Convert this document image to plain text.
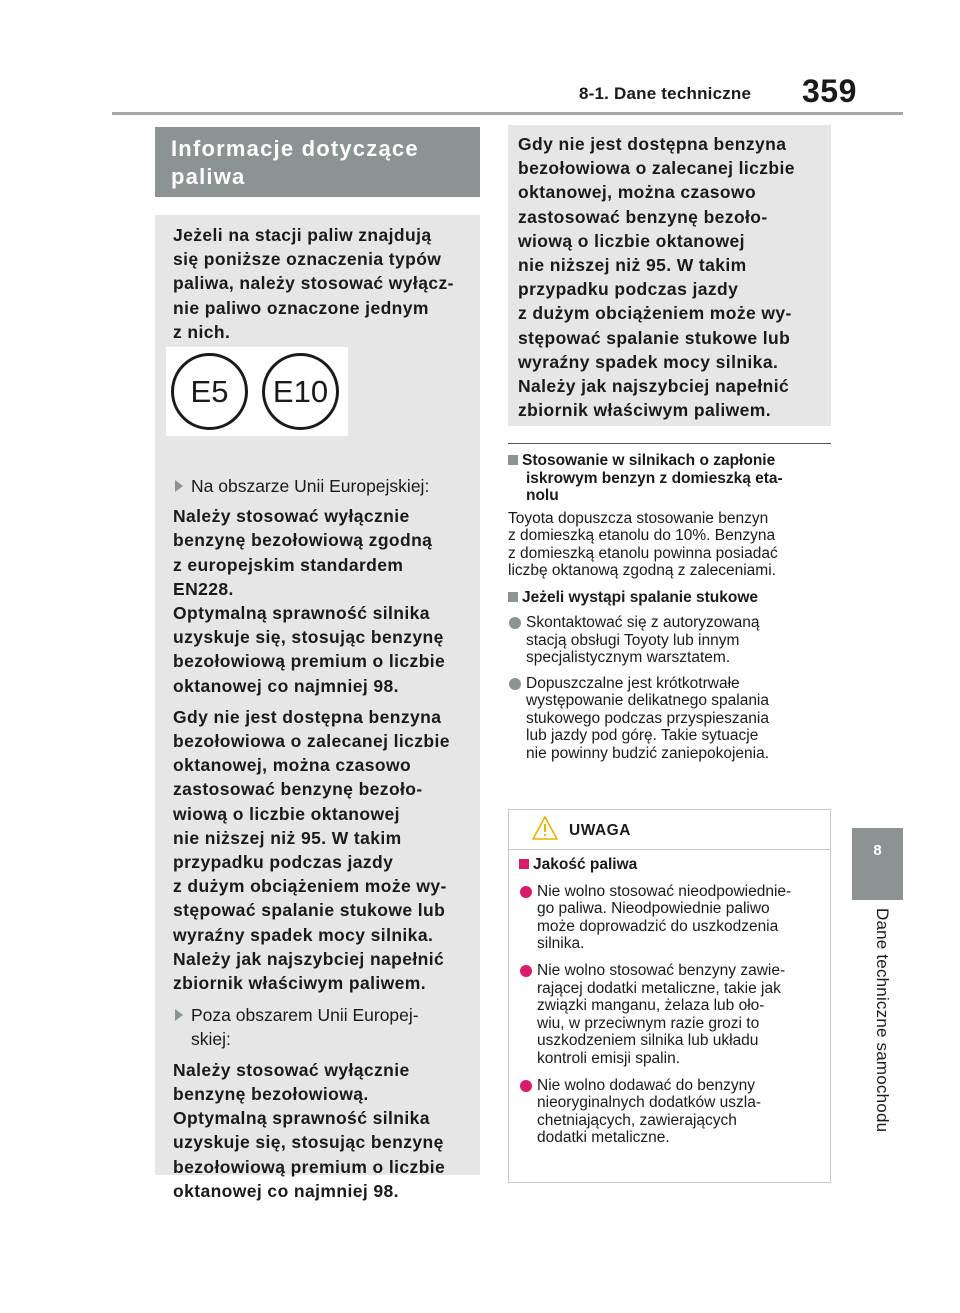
8-1. Dane techniczne 359
8
Dane techniczne samochodu
Informacje dotyczące
paliwa
Jeżeli na stacji paliw znajdują
się poniższe oznaczenia typów
paliwa, należy stosować wyłącz-
nie paliwo oznaczone jednym
z nich.
Na obszarze Unii Europejskiej:
Należy stosować wyłącznie
benzynę bezołowiową zgodną
z europejskim standardem
EN228.
Optymalną sprawność silnika
uzyskuje się, stosując benzynę
bezołowiową premium o liczbie
oktanowej co najmniej 98.
Gdy nie jest dostępna benzyna
bezołowiowa o zalecanej liczbie
oktanowej, można czasowo
zastosować benzynę bezoło-
wiową o liczbie oktanowej
nie niższej niż 95. W takim
przypadku podczas jazdy
z dużym obciążeniem może wy-
stępować spalanie stukowe lub
wyraźny spadek mocy silnika.
Należy jak najszybciej napełnić
zbiornik właściwym paliwem.
Poza obszarem Unii Europej-
skiej:
Należy stosować wyłącznie
benzynę bezołowiową.
Optymalną sprawność silnika
uzyskuje się, stosując benzynę
bezołowiową premium o liczbie
oktanowej co najmniej 98.
E5	E10
Gdy nie jest dostępna benzyna
bezołowiowa o zalecanej liczbie
oktanowej, można czasowo
zastosować benzynę bezoło-
wiową o liczbie oktanowej
nie niższej niż 95. W takim
przypadku podczas jazdy
z dużym obciążeniem może wy-
stępować spalanie stukowe lub
wyraźny spadek mocy silnika.
Należy jak najszybciej napełnić
zbiornik właściwym paliwem.
Stosowanie w silnikach o zapłonie
iskrowym benzyn z domieszką eta-
nolu
Toyota dopuszcza stosowanie benzyn
z domieszką etanolu do 10%. Benzyna
z domieszką etanolu powinna posiadać
liczbę oktanową zgodną z zaleceniami.
Jeżeli wystąpi spalanie stukowe
Skontaktować się z autoryzowaną
stacją obsługi Toyoty lub innym
specjalistycznym warsztatem.
Dopuszczalne jest krótkotrwałe
występowanie delikatnego spalania
stukowego podczas przyspieszania
lub jazdy pod górę. Takie sytuacje
nie powinny budzić zaniepokojenia.
UWAGA
Jakość paliwa
Nie wolno stosować nieodpowiednie-
go paliwa. Nieodpowiednie paliwo
może doprowadzić do uszkodzenia
silnika.
Nie wolno stosować benzyny zawie-
rającej dodatki metaliczne, takie jak
związki manganu, żelaza lub oło-
wiu, w przeciwnym razie grozi to
uszkodzeniem silnika lub układu
kontroli emisji spalin.
Nie wolno dodawać do benzyny
nieoryginalnych dodatków uszla-
chetniających, zawierających
dodatki metaliczne.
